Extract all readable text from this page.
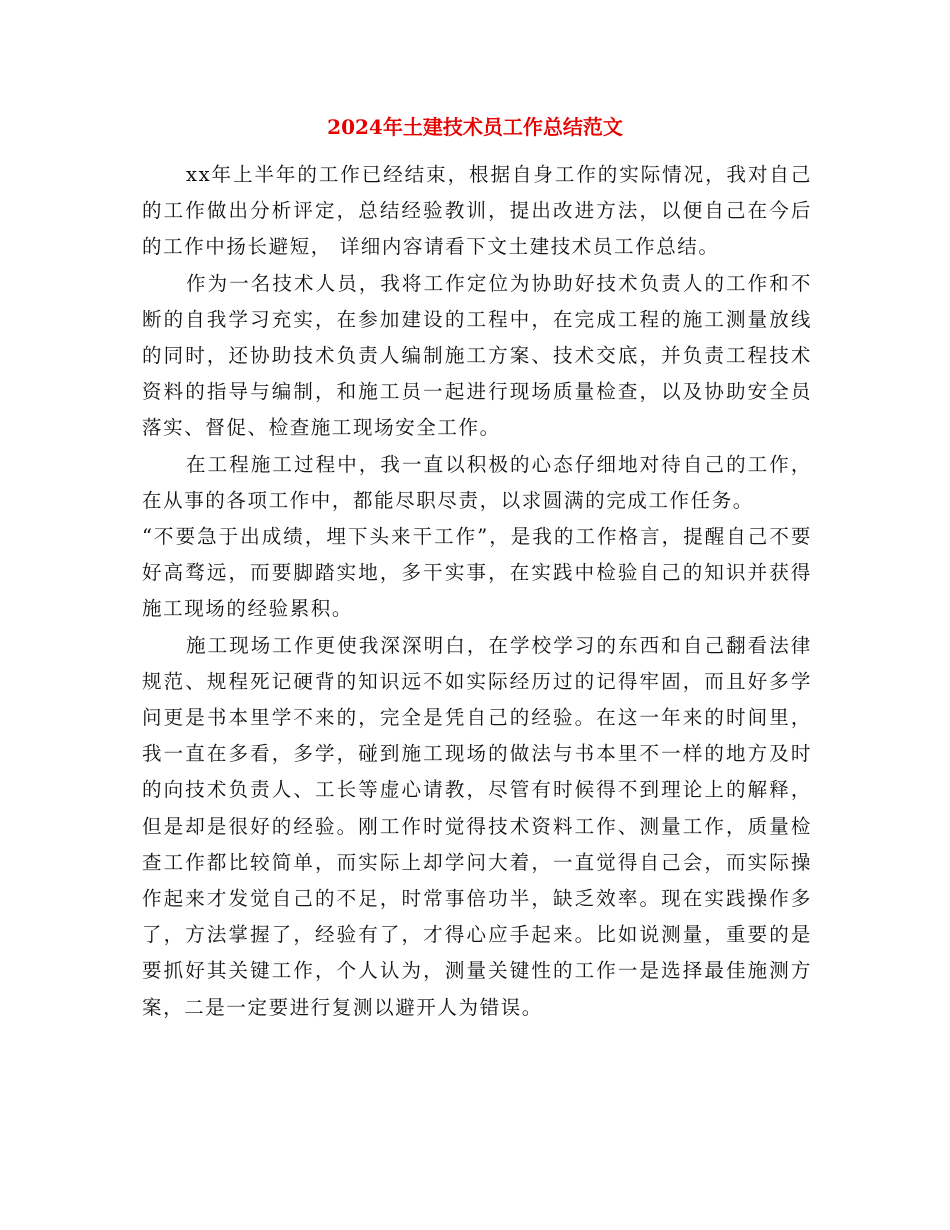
2024年土建技术员工作总结范文

xx年上半年的工作已经结束，根据自身工作的实际情况，我对自己的工作做出分析评定，总结经验教训，提出改进方法，以便自己在今后的工作中扬长避短， 详细内容请看下文土建技术员工作总结。

作为一名技术人员，我将工作定位为协助好技术负责人的工作和不断的自我学习充实，在参加建设的工程中，在完成工程的施工测量放线的同时，还协助技术负责人编制施工方案、技术交底，并负责工程技术资料的指导与编制，和施工员一起进行现场质量检查，以及协助安全员落实、督促、检查施工现场安全工作。

在工程施工过程中，我一直以积极的心态仔细地对待自己的工作，在从事的各项工作中，都能尽职尽责，以求圆满的完成工作任务。

“不要急于出成绩，埋下头来干工作”，是我的工作格言，提醒自己不要好高骛远，而要脚踏实地，多干实事，在实践中检验自己的知识并获得施工现场的经验累积。

施工现场工作更使我深深明白，在学校学习的东西和自己翻看法律规范、规程死记硬背的知识远不如实际经历过的记得牢固，而且好多学问更是书本里学不来的，完全是凭自己的经验。在这一年来的时间里，我一直在多看，多学，碰到施工现场的做法与书本里不一样的地方及时的向技术负责人、工长等虚心请教，尽管有时候得不到理论上的解释，但是却是很好的经验。刚工作时觉得技术资料工作、测量工作，质量检查工作都比较简单，而实际上却学问大着，一直觉得自己会，而实际操作起来才发觉自己的不足，时常事倍功半，缺乏效率。现在实践操作多了，方法掌握了，经验有了，才得心应手起来。比如说测量，重要的是要抓好其关键工作，个人认为，测量关键性的工作一是选择最佳施测方案，二是一定要进行复测以避开人为错误。
